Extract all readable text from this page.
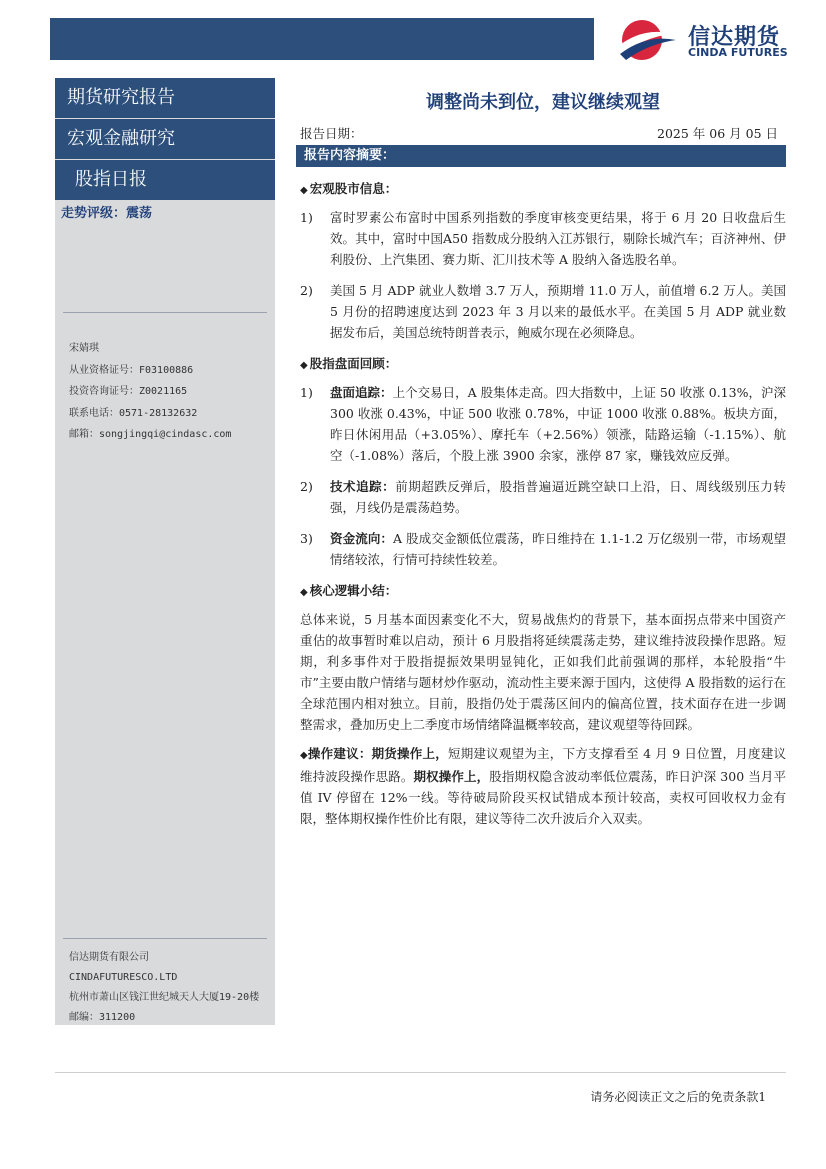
信达期货
CINDA FUTURES
期货研究报告
宏观金融研究
股指日报
走势评级：震荡
宋婧琪
从业资格证号：F03100886
投资咨询证号：Z0021165
联系电话：0571-28132632
邮箱：songjingqi@cindasc.com
信达期货有限公司
CINDAFUTURESCO.LTD
杭州市萧山区钱江世纪城天人大厦19-20楼
邮编：311200
调整尚未到位，建议继续观望
报告日期：	2025 年 06 月 05 日
报告内容摘要：
◆ 宏观股市信息：
1)	富时罗素公布富时中国系列指数的季度审核变更结果，将于 6 月 20 日收盘后生效。其中，富时中国A50 指数成分股纳入江苏银行，剔除长城汽车；百济神州、伊利股份、上汽集团、赛力斯、汇川技术等 A 股纳入备选股名单。
2)	美国 5 月 ADP 就业人数增 3.7 万人，预期增 11.0 万人，前值增 6.2 万人。美国 5 月份的招聘速度达到 2023 年 3 月以来的最低水平。在美国 5 月 ADP 就业数据发布后，美国总统特朗普表示，鲍威尔现在必须降息。
◆ 股指盘面回顾：
1)	盘面追踪：上个交易日，A 股集体走高。四大指数中，上证 50 收涨 0.13%，沪深 300 收涨 0.43%，中证 500 收涨 0.78%，中证 1000 收涨 0.88%。板块方面，昨日休闲用品（+3.05%）、摩托车（+2.56%）领涨，陆路运输（-1.15%）、航空（-1.08%）落后，个股上涨 3900 余家，涨停 87 家，赚钱效应反弹。
2)	技术追踪：前期超跌反弹后，股指普遍逼近跳空缺口上沿，日、周线级别压力转强，月线仍是震荡趋势。
3)	资金流向：A 股成交金额低位震荡，昨日维持在 1.1-1.2 万亿级别一带，市场观望情绪较浓，行情可持续性较差。
◆ 核心逻辑小结：
总体来说，5 月基本面因素变化不大，贸易战焦灼的背景下，基本面拐点带来中国资产重估的故事暂时难以启动，预计 6 月股指将延续震荡走势，建议维持波段操作思路。短期，利多事件对于股指提振效果明显钝化，正如我们此前强调的那样，本轮股指“牛市”主要由散户情绪与题材炒作驱动，流动性主要来源于国内，这使得 A 股指数的运行在全球范围内相对独立。目前，股指仍处于震荡区间内的偏高位置，技术面存在进一步调整需求，叠加历史上二季度市场情绪降温概率较高，建议观望等待回踩。
◆操作建议：期货操作上，短期建议观望为主，下方支撑看至 4 月 9 日位置，月度建议维持波段操作思路。期权操作上，股指期权隐含波动率低位震荡，昨日沪深 300 当月平值 IV 停留在 12%一线。等待破局阶段买权试错成本预计较高，卖权可回收权力金有限，整体期权操作性价比有限，建议等待二次升波后介入双卖。
请务必阅读正文之后的免责条款1
